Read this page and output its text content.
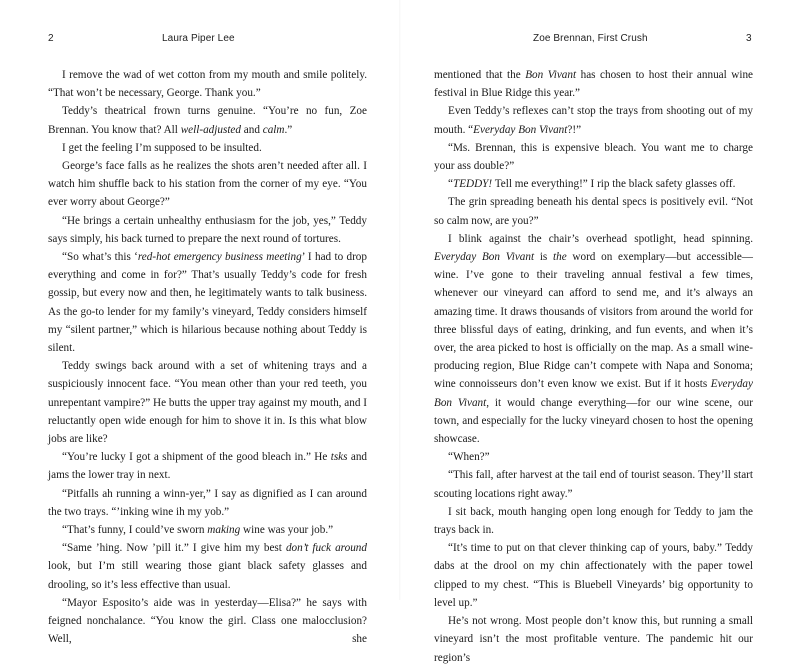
2	Laura Piper Lee

I remove the wad of wet cotton from my mouth and smile politely. “That won’t be necessary, George. Thank you.”

Teddy’s theatrical frown turns genuine. “You’re no fun, Zoe Brennan. You know that? All well-adjusted and calm.”

I get the feeling I’m supposed to be insulted.

George’s face falls as he realizes the shots aren’t needed after all. I watch him shuffle back to his station from the corner of my eye. “You ever worry about George?”

“He brings a certain unhealthy enthusiasm for the job, yes,” Teddy says simply, his back turned to prepare the next round of tortures.

“So what’s this ‘red-hot emergency business meeting’ I had to drop everything and come in for?” That’s usually Teddy’s code for fresh gossip, but every now and then, he legitimately wants to talk business. As the go-to lender for my family’s vineyard, Teddy considers himself my “silent partner,” which is hilarious because nothing about Teddy is silent.

Teddy swings back around with a set of whitening trays and a suspiciously innocent face. “You mean other than your red teeth, you unrepentant vampire?” He butts the upper tray against my mouth, and I reluctantly open wide enough for him to shove it in. Is this what blow jobs are like?

“You’re lucky I got a shipment of the good bleach in.” He tsks and jams the lower tray in next.

“Pitfalls ah running a winn-yer,” I say as dignified as I can around the two trays. “’inking wine ih my yob.”

“That’s funny, I could’ve sworn making wine was your job.”

“Same ’hing. Now ’pill it.” I give him my best don’t fuck around look, but I’m still wearing those giant black safety glasses and drooling, so it’s less effective than usual.

“Mayor Esposito’s aide was in yesterday—Elisa?” he says with feigned nonchalance. “You know the girl. Class one malocclusion? Well, she

Zoe Brennan, First Crush	3

mentioned that the Bon Vivant has chosen to host their annual wine festival in Blue Ridge this year.”

Even Teddy’s reflexes can’t stop the trays from shooting out of my mouth. “Everyday Bon Vivant?!”

“Ms. Brennan, this is expensive bleach. You want me to charge your ass double?”

“TEDDY! Tell me everything!” I rip the black safety glasses off.

The grin spreading beneath his dental specs is positively evil. “Not so calm now, are you?”

I blink against the chair’s overhead spotlight, head spinning. Everyday Bon Vivant is the word on exemplary—but accessible—wine. I’ve gone to their traveling annual festival a few times, whenever our vineyard can afford to send me, and it’s always an amazing time. It draws thousands of visitors from around the world for three blissful days of eating, drinking, and fun events, and when it’s over, the area picked to host is officially on the map. As a small wine-producing region, Blue Ridge can’t compete with Napa and Sonoma; wine connoisseurs don’t even know we exist. But if it hosts Everyday Bon Vivant, it would change everything—for our wine scene, our town, and especially for the lucky vineyard chosen to host the opening showcase.

“When?”

“This fall, after harvest at the tail end of tourist season. They’ll start scouting locations right away.”

I sit back, mouth hanging open long enough for Teddy to jam the trays back in.

“It’s time to put on that clever thinking cap of yours, baby.” Teddy dabs at the drool on my chin affectionately with the paper towel clipped to my chest. “This is Bluebell Vineyards’ big opportunity to level up.”

He’s not wrong. Most people don’t know this, but running a small vineyard isn’t the most profitable venture. The pandemic hit our region’s
